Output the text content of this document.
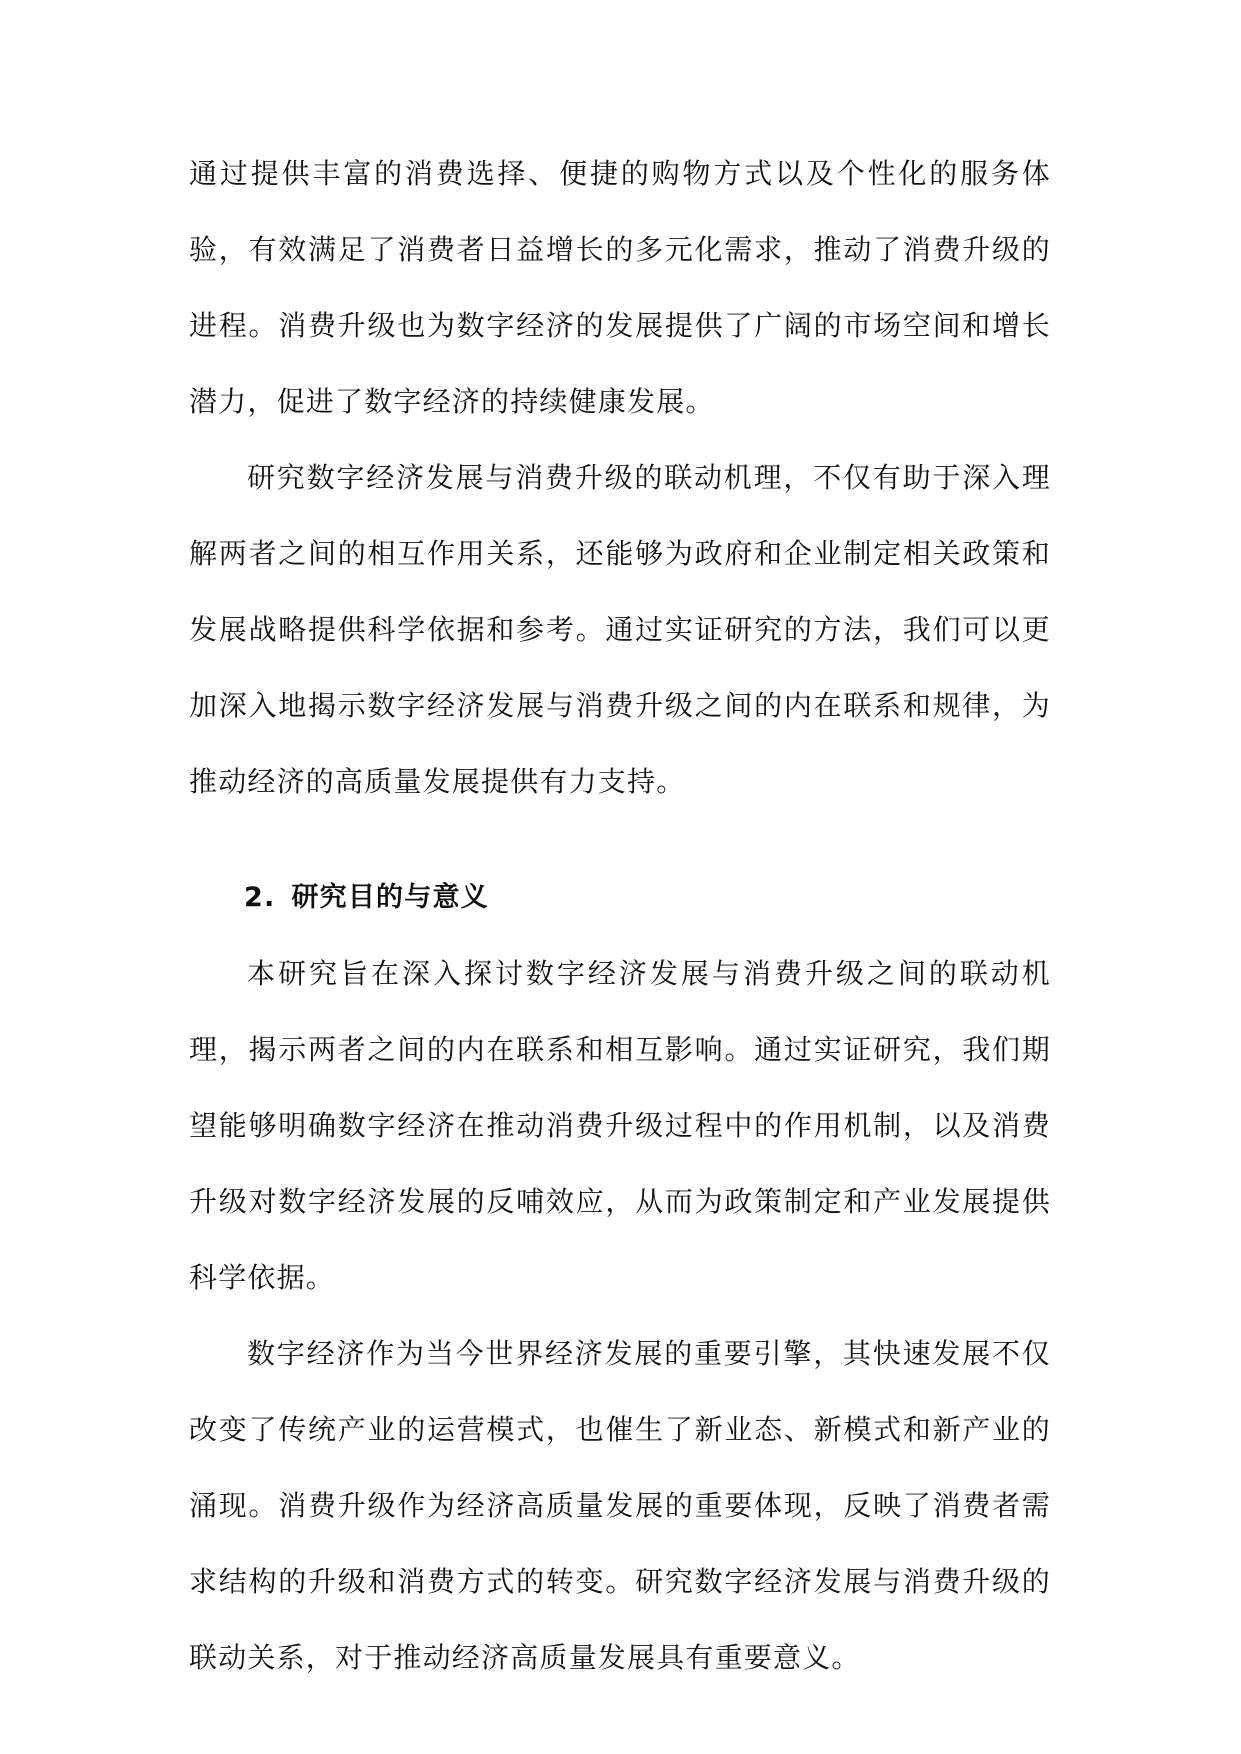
通过提供丰富的消费选择、便捷的购物方式以及个性化的服务体验，有效满足了消费者日益增长的多元化需求，推动了消费升级的进程。消费升级也为数字经济的发展提供了广阔的市场空间和增长潜力，促进了数字经济的持续健康发展。

研究数字经济发展与消费升级的联动机理，不仅有助于深入理解两者之间的相互作用关系，还能够为政府和企业制定相关政策和发展战略提供科学依据和参考。通过实证研究的方法，我们可以更加深入地揭示数字经济发展与消费升级之间的内在联系和规律，为推动经济的高质量发展提供有力支持。

2. 研究目的与意义

本研究旨在深入探讨数字经济发展与消费升级之间的联动机理，揭示两者之间的内在联系和相互影响。通过实证研究，我们期望能够明确数字经济在推动消费升级过程中的作用机制，以及消费升级对数字经济发展的反哺效应，从而为政策制定和产业发展提供科学依据。

数字经济作为当今世界经济发展的重要引擎，其快速发展不仅改变了传统产业的运营模式，也催生了新业态、新模式和新产业的涌现。消费升级作为经济高质量发展的重要体现，反映了消费者需求结构的升级和消费方式的转变。研究数字经济发展与消费升级的联动关系，对于推动经济高质量发展具有重要意义。
